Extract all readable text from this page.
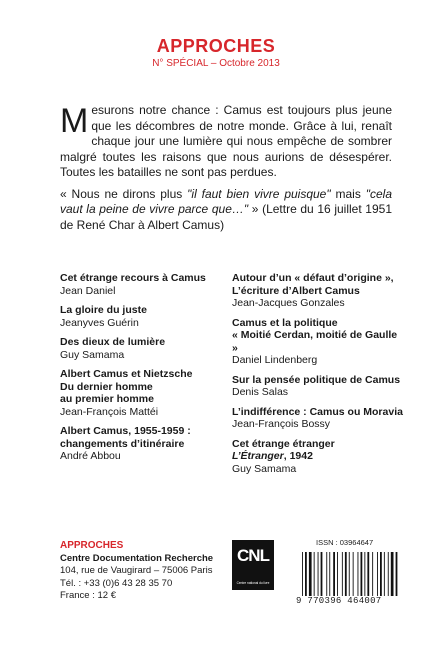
APPROCHES
N° SPÉCIAL – Octobre 2013

Mesurons notre chance : Camus est toujours plus jeune que les décombres de notre monde. Grâce à lui, renaît chaque jour une lumière qui nous empêche de sombrer malgré toutes les raisons que nous aurions de désespérer. Toutes les batailles ne sont pas perdues.

« Nous ne dirons plus "il faut bien vivre puisque" mais "cela vaut la peine de vivre parce que…" » (Lettre du 16 juillet 1951 de René Char à Albert Camus)

Cet étrange recours à Camus
Jean Daniel
La gloire du juste
Jeanyves Guérin
Des dieux de lumière
Guy Samama
Albert Camus et Nietzsche
Du dernier homme
au premier homme
Jean-François Mattéi
Albert Camus, 1955-1959 :
changements d’itinéraire
André Abbou
Autour d’un « défaut d’origine »,
L’écriture d’Albert Camus
Jean-Jacques Gonzales
Camus et la politique
« Moitié Cerdan, moitié de Gaulle »
Daniel Lindenberg
Sur la pensée politique de Camus
Denis Salas
L’indifférence : Camus ou Moravia
Jean-François Bossy
Cet étrange étranger
L’Étranger, 1942
Guy Samama
APPROCHES
Centre Documentation Recherche
104, rue de Vaugirard – 75006 Paris
Tél. : +33 (0)6 43 28 35 70
France : 12 €
CNL
Centre national du livre
ISSN : 03964647
9 770396 464007
